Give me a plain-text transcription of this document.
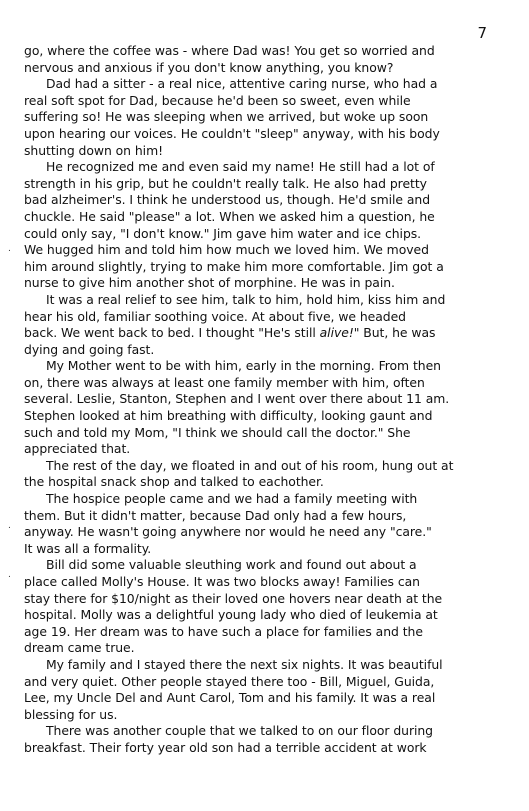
7
go, where the coffee was - where Dad was! You get so worried and
nervous and anxious if you don't know anything, you know?
Dad had a sitter - a real nice, attentive caring nurse, who had a
real soft spot for Dad, because he'd been so sweet, even while
suffering so! He was sleeping when we arrived, but woke up soon
upon hearing our voices. He couldn't "sleep" anyway, with his body
shutting down on him!
He recognized me and even said my name! He still had a lot of
strength in his grip, but he couldn't really talk. He also had pretty
bad alzheimer's. I think he understood us, though. He'd smile and
chuckle. He said "please" a lot. When we asked him a question, he
could only say, "I don't know." Jim gave him water and ice chips.
We hugged him and told him how much we loved him. We moved
him around slightly, trying to make him more comfortable. Jim got a
nurse to give him another shot of morphine. He was in pain.
It was a real relief to see him, talk to him, hold him, kiss him and
hear his old, familiar soothing voice. At about five, we headed
back. We went back to bed. I thought "He's still alive!" But, he was
dying and going fast.
My Mother went to be with him, early in the morning. From then
on, there was always at least one family member with him, often
several. Leslie, Stanton, Stephen and I went over there about 11 am.
Stephen looked at him breathing with difficulty, looking gaunt and
such and told my Mom, "I think we should call the doctor." She
appreciated that.
The rest of the day, we floated in and out of his room, hung out at
the hospital snack shop and talked to eachother.
The hospice people came and we had a family meeting with
them. But it didn't matter, because Dad only had a few hours,
anyway. He wasn't going anywhere nor would he need any "care."
It was all a formality.
Bill did some valuable sleuthing work and found out about a
place called Molly's House. It was two blocks away! Families can
stay there for $10/night as their loved one hovers near death at the
hospital. Molly was a delightful young lady who died of leukemia at
age 19. Her dream was to have such a place for families and the
dream came true.
My family and I stayed there the next six nights. It was beautiful
and very quiet. Other people stayed there too - Bill, Miguel, Guida,
Lee, my Uncle Del and Aunt Carol, Tom and his family. It was a real
blessing for us.
There was another couple that we talked to on our floor during
breakfast. Their forty year old son had a terrible accident at work
.
.
.
